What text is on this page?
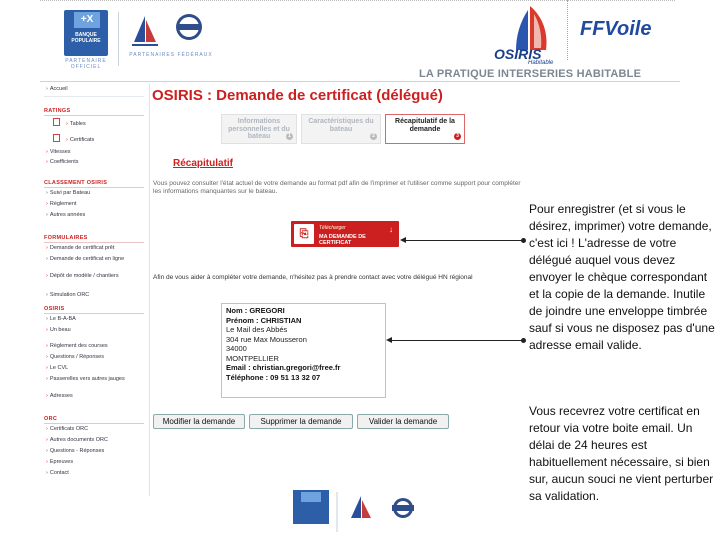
+X
BANQUE
POPULAIRE
PARTENAIRE OFFICIEL
PARTENAIRES FÉDÉRAUX	OSIRIS
Habitable
FFVoile
LA PRATIQUE INTERSERIES HABITABLE
› Accueil
RATINGS
› Tables
› Certificats
› Vitesses
› Coefficients
CLASSEMENT OSIRIS
› Suivi par Bateau
› Règlement
› Autres années
FORMULAIRES
› Demande de certificat prêt
› Demande de certificat en ligne
› Dépôt de modèle / chantiers
› Simulation ORC
OSIRIS
› Le B-A-BA
› Un beau
› Règlement des courses
› Questions / Réponses
› Le CVL
› Passerelles vers autres jauges
› Adresses
ORC
› Certificats ORC
› Autres documents ORC
› Questions - Réponses
› Epreuves
› Contact
OSIRIS : Demande de certificat (délégué)
Informations personnelles et du bateau	1
Caractéristiques du bateau
2
Récapitulatif de la demande
3
Récapitulatif
Vous pouvez consulter l'état actuel de votre demande au format pdf afin de l'imprimer et l'utiliser comme support pour compléter les informations manquantes sur le bateau.
⎘	Télécharger
MA DEMANDE DE CERTIFICAT
↓
Afin de vous aider à compléter votre demande, n'hésitez pas à prendre contact avec votre délégué HN régional
Nom : GREGORI
Prénom : CHRISTIAN
Le Mail des Abbés
304 rue Max Mousseron
34000
MONTPELLIER
Email : christian.gregori@free.fr
Téléphone : 09 51 13 32 07
Modifier la demande	Supprimer la demande	Valider la demande
Pour enregistrer (et si vous le désirez, imprimer) votre demande, c'est ici ! L'adresse de votre délégué auquel vous devez envoyer le chèque correspondant et la copie de la demande. Inutile de joindre une enveloppe timbrée sauf si vous ne disposez pas d'une adresse email valide.
Vous recevrez votre certificat en retour via votre boite email. Un délai de 24 heures est habituellement nécessaire, si bien sur, aucun souci ne vient perturber sa validation.
